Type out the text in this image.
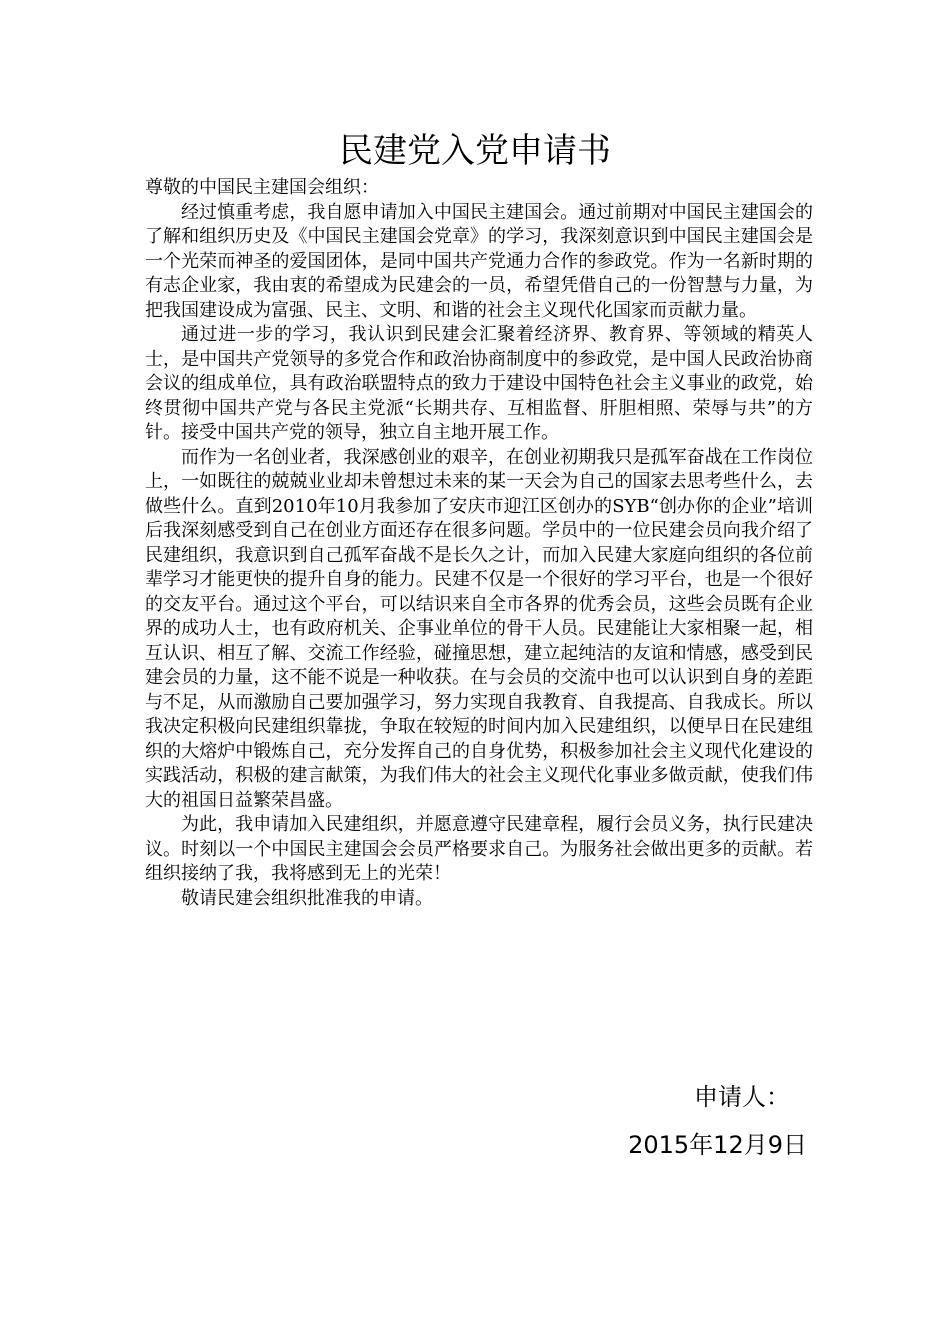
民建党入党申请书

尊敬的中国民主建国会组织：

经过慎重考虑，我自愿申请加入中国民主建国会。通过前期对中国民主建国会的了解和组织历史及《中国民主建国会党章》的学习，我深刻意识到中国民主建国会是一个光荣而神圣的爱国团体，是同中国共产党通力合作的参政党。作为一名新时期的有志企业家，我由衷的希望成为民建会的一员，希望凭借自己的一份智慧与力量，为把我国建设成为富强、民主、文明、和谐的社会主义现代化国家而贡献力量。

通过进一步的学习，我认识到民建会汇聚着经济界、教育界、等领域的精英人士，是中国共产党领导的多党合作和政治协商制度中的参政党，是中国人民政治协商会议的组成单位，具有政治联盟特点的致力于建设中国特色社会主义事业的政党，始终贯彻中国共产党与各民主党派“长期共存、互相监督、肝胆相照、荣辱与共”的方针。接受中国共产党的领导，独立自主地开展工作。

而作为一名创业者，我深感创业的艰辛，在创业初期我只是孤军奋战在工作岗位上，一如既往的兢兢业业却未曾想过未来的某一天会为自己的国家去思考些什么，去做些什么。直到2010年10月我参加了安庆市迎江区创办的SYB“创办你的企业”培训后我深刻感受到自己在创业方面还存在很多问题。学员中的一位民建会员向我介绍了民建组织，我意识到自己孤军奋战不是长久之计，而加入民建大家庭向组织的各位前辈学习才能更快的提升自身的能力。民建不仅是一个很好的学习平台，也是一个很好的交友平台。通过这个平台，可以结识来自全市各界的优秀会员，这些会员既有企业界的成功人士，也有政府机关、企事业单位的骨干人员。民建能让大家相聚一起，相互认识、相互了解、交流工作经验，碰撞思想，建立起纯洁的友谊和情感，感受到民建会员的力量，这不能不说是一种收获。在与会员的交流中也可以认识到自身的差距与不足，从而激励自己要加强学习，努力实现自我教育、自我提高、自我成长。所以我决定积极向民建组织靠拢，争取在较短的时间内加入民建组织，以便早日在民建组织的大熔炉中锻炼自己，充分发挥自己的自身优势，积极参加社会主义现代化建设的实践活动，积极的建言献策，为我们伟大的社会主义现代化事业多做贡献，使我们伟大的祖国日益繁荣昌盛。

为此，我申请加入民建组织，并愿意遵守民建章程，履行会员义务，执行民建决议。时刻以一个中国民主建国会会员严格要求自己。为服务社会做出更多的贡献。若组织接纳了我，我将感到无上的光荣！

敬请民建会组织批准我的申请。

申请人：
2015年12月9日
